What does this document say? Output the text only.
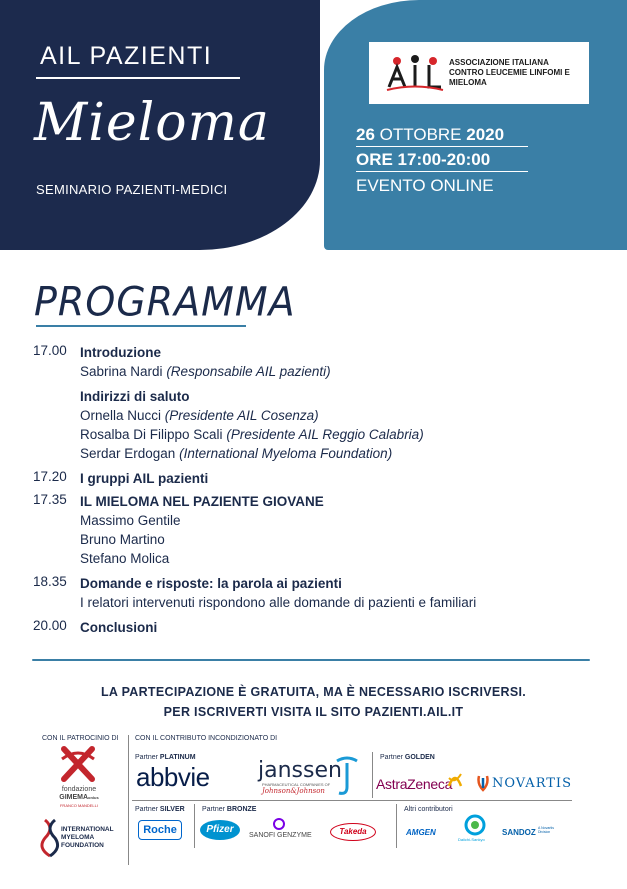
AIL PAZIENTI
Mieloma
SEMINARIO PAZIENTI-MEDICI
ASSOCIAZIONE ITALIANA CONTRO LEUCEMIE LINFOMI E MIELOMA
26 OTTOBRE 2020
ORE 17:00-20:00
EVENTO ONLINE
PROGRAMMA
17.00 Introduzione
Sabrina Nardi (Responsabile AIL pazienti)
Indirizzi di saluto
Ornella Nucci (Presidente AIL Cosenza)
Rosalba Di Filippo Scali (Presidente AIL Reggio Calabria)
Serdar Erdogan (International Myeloma Foundation)
17.20 I gruppi AIL pazienti
17.35 IL MIELOMA NEL PAZIENTE GIOVANE
Massimo Gentile
Bruno Martino
Stefano Molica
18.35 Domande e risposte: la parola ai pazienti
I relatori intervenuti rispondono alle domande di pazienti e familiari
20.00 Conclusioni
LA PARTECIPAZIONE È GRATUITA, MA È NECESSARIO ISCRIVERSI.
PER ISCRIVERTI VISITA IL SITO PAZIENTI.AIL.IT
CON IL PATROCINIO DI CON IL CONTRIBUTO INCONDIZIONATO DI
Partner PLATINUM	Partner GOLDEN
fondazione
GIMEMAonlus
FRANCO MANDELLI
INTERNATIONAL
MYELOMA
FOUNDATION
abbvie janssen
PHARMACEUTICAL COMPANIES OF
Johnson&Johnson	AstraZeneca	NOVARTIS
Partner SILVER Partner BRONZE	Altri contributori
Roche	Pfizer
SANOFI GENZYME	Takeda	AMGEN
Daiichi-Sankyo
SANDOZ A Novartis Division
